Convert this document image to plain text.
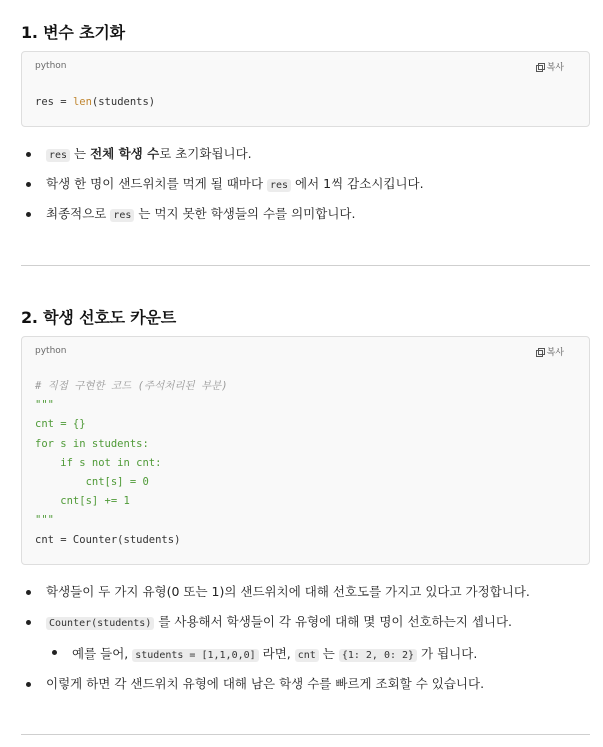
1. 변수 초기화
python	복사
res = len(students)
res 는 전체 학생 수로 초기화됩니다.
학생 한 명이 샌드위치를 먹게 될 때마다 res 에서 1씩 감소시킵니다.
최종적으로 res 는 먹지 못한 학생들의 수를 의미합니다.
2. 학생 선호도 카운트
python	복사
# 직접 구현한 코드 (주석처리된 부분)
"""
cnt = {}
for s in students:
if s not in cnt:
cnt[s] = 0
cnt[s] += 1
"""
cnt = Counter(students)
학생들이 두 가지 유형(0 또는 1)의 샌드위치에 대해 선호도를 가지고 있다고 가정합니다.
Counter(students) 를 사용해서 학생들이 각 유형에 대해 몇 명이 선호하는지 셉니다.
예를 들어, students = [1,1,0,0] 라면, cnt 는 {1: 2, 0: 2} 가 됩니다.
이렇게 하면 각 샌드위치 유형에 대해 남은 학생 수를 빠르게 조회할 수 있습니다.
